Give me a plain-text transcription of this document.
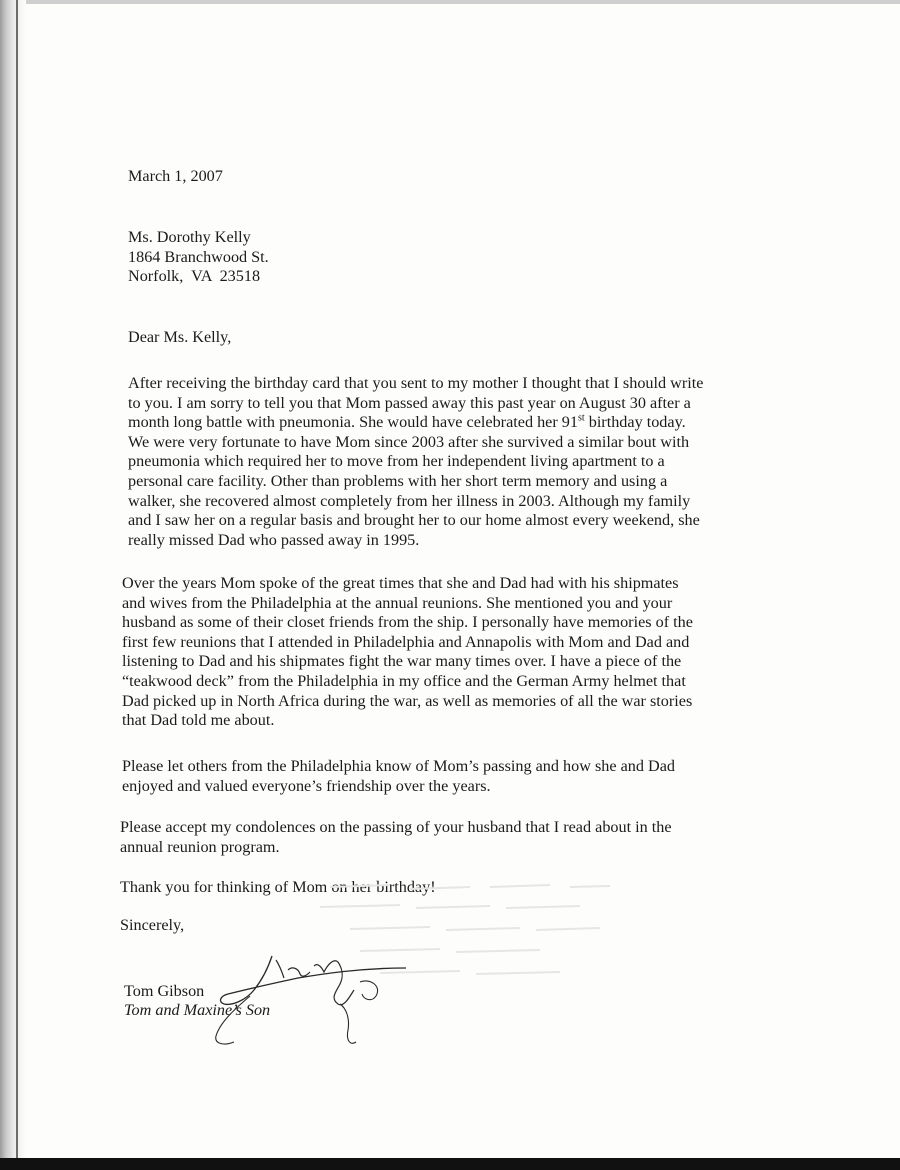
March 1, 2007
Ms. Dorothy Kelly
1864 Branchwood St.
Norfolk,  VA  23518
Dear Ms. Kelly,
After receiving the birthday card that you sent to my mother I thought that I should write
to you. I am sorry to tell you that Mom passed away this past year on August 30 after a
month long battle with pneumonia. She would have celebrated her 91st birthday today.
We were very fortunate to have Mom since 2003 after she survived a similar bout with
pneumonia which required her to move from her independent living apartment to a
personal care facility. Other than problems with her short term memory and using a
walker, she recovered almost completely from her illness in 2003. Although my family
and I saw her on a regular basis and brought her to our home almost every weekend, she
really missed Dad who passed away in 1995.
Over the years Mom spoke of the great times that she and Dad had with his shipmates
and wives from the Philadelphia at the annual reunions. She mentioned you and your
husband as some of their closet friends from the ship. I personally have memories of the
first few reunions that I attended in Philadelphia and Annapolis with Mom and Dad and
listening to Dad and his shipmates fight the war many times over. I have a piece of the
“teakwood deck” from the Philadelphia in my office and the German Army helmet that
Dad picked up in North Africa during the war, as well as memories of all the war stories
that Dad told me about.
Please let others from the Philadelphia know of Mom’s passing and how she and Dad
enjoyed and valued everyone’s friendship over the years.
Please accept my condolences on the passing of your husband that I read about in the
annual reunion program.
Thank you for thinking of Mom on her birthday!
Sincerely,
Tom Gibson
Tom and Maxine’s Son
